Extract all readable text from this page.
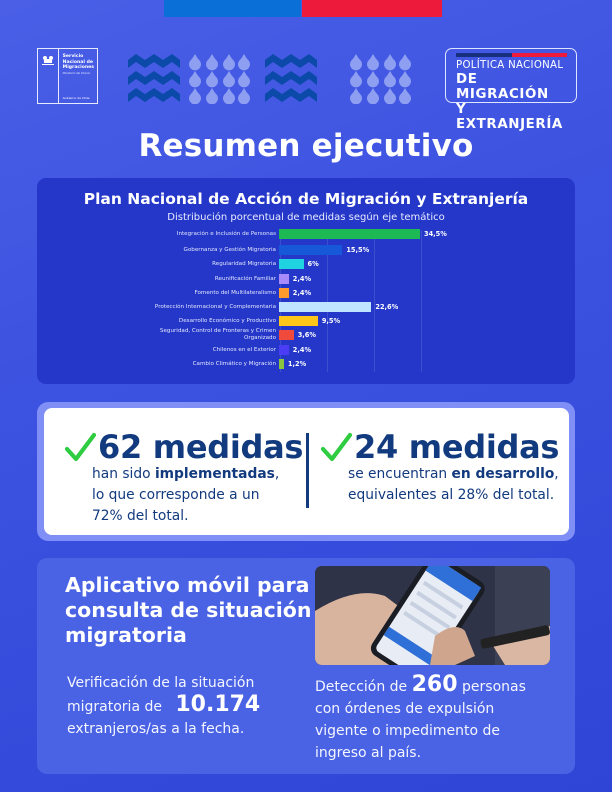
Servicio
Nacional de
Migraciones
Ministerio del Interior
Gobierno de Chile
POLÍTICA NACIONAL
DE MIGRACIÓN
Y EXTRANJERÍA
Resumen ejecutivo
Plan Nacional de Acción de Migración y Extranjería
Distribución porcentual de medidas según eje temático
Integración e Inclusión de Personas	34,5%
Gobernanza y Gestión Migratoria	15,5%
Regularidad Migratoria	6%
Reunificación Familiar	2,4%
Fomento del Multilateralismo	2,4%
Protección Internacional y Complementaria	22,6%
Desarrollo Económico y Productivo	9,5%
Seguridad, Control de Fronteras y Crimen
Organizado	3,6%
Chilenos en el Exterior	2,4%
Cambio Climático y Migración	1,2%
62 medidas
han sido implementadas,
lo que corresponde a un
72% del total.
24 medidas
se encuentran en desarrollo,
equivalentes al 28% del total.
Aplicativo móvil para
consulta de situación
migratoria
Verificación de la situación
migratoria de 10.174
extranjeros/as a la fecha.
Detección de 260 personas
con órdenes de expulsión
vigente o impedimento de
ingreso al país.
